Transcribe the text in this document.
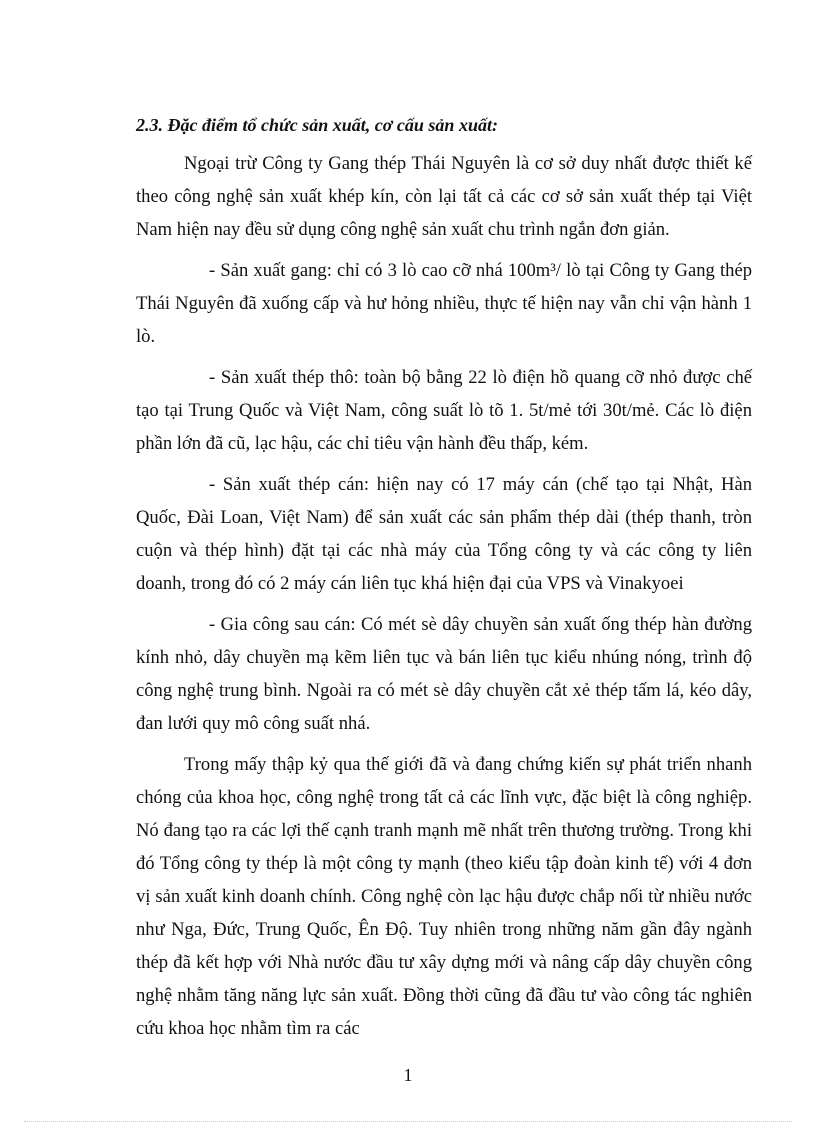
2.3. Đặc điểm tổ chức sản xuất, cơ cấu sản xuất:

Ngoại trừ Công ty Gang thép Thái Nguyên là cơ sở duy nhất được thiết kế theo công nghệ sản xuất khép kín, còn lại tất cả các cơ sở sản xuất thép tại Việt Nam hiện nay đều sử dụng công nghệ sản xuất chu trình ngắn đơn giản.

- Sản xuất gang: chỉ có 3 lò cao cỡ nhá 100m³/ lò tại Công ty Gang thép Thái Nguyên đã xuống cấp và hư hỏng nhiều, thực tế hiện nay vẫn chỉ vận hành 1 lò.

- Sản xuất thép thô: toàn bộ bằng 22 lò điện hồ quang cỡ nhỏ được chế tạo tại Trung Quốc và Việt Nam, công suất lò tõ 1. 5t/mẻ tới 30t/mẻ. Các lò điện phần lớn đã cũ, lạc hậu, các chỉ tiêu vận hành đều thấp, kém.

- Sản xuất thép cán: hiện nay có 17 máy cán (chế tạo tại Nhật, Hàn Quốc, Đài Loan, Việt Nam) để sản xuất các sản phẩm thép dài (thép thanh, tròn cuộn và thép hình) đặt tại các nhà máy của Tổng công ty và các công ty liên doanh, trong đó có 2 máy cán liên tục khá hiện đại của VPS và Vinakyoei

- Gia công sau cán: Có mét sè dây chuyền sản xuất ống thép hàn đường kính nhỏ, dây chuyền mạ kẽm liên tục và bán liên tục kiểu nhúng nóng, trình độ công nghệ trung bình. Ngoài ra có mét sè dây chuyền cắt xẻ thép tấm lá, kéo dây, đan lưới quy mô công suất nhá.

Trong mấy thập kỷ qua thế giới đã và đang chứng kiến sự phát triển nhanh chóng của khoa học, công nghệ trong tất cả các lĩnh vực, đặc biệt là công nghiệp. Nó đang tạo ra các lợi thế cạnh tranh mạnh mẽ nhất trên thương trường. Trong khi đó Tổng công ty thép là một công ty mạnh (theo kiểu tập đoàn kinh tế) với 4 đơn vị sản xuất kinh doanh chính. Công nghệ còn lạc hậu được chắp nối từ nhiều nước như Nga, Đức, Trung Quốc, Ên Độ. Tuy nhiên trong những năm gần đây ngành thép đã kết hợp với Nhà nước đầu tư xây dựng mới và nâng cấp dây chuyền công nghệ nhằm tăng năng lực sản xuất. Đồng thời cũng đã đầu tư vào công tác nghiên cứu khoa học nhằm tìm ra các

1
